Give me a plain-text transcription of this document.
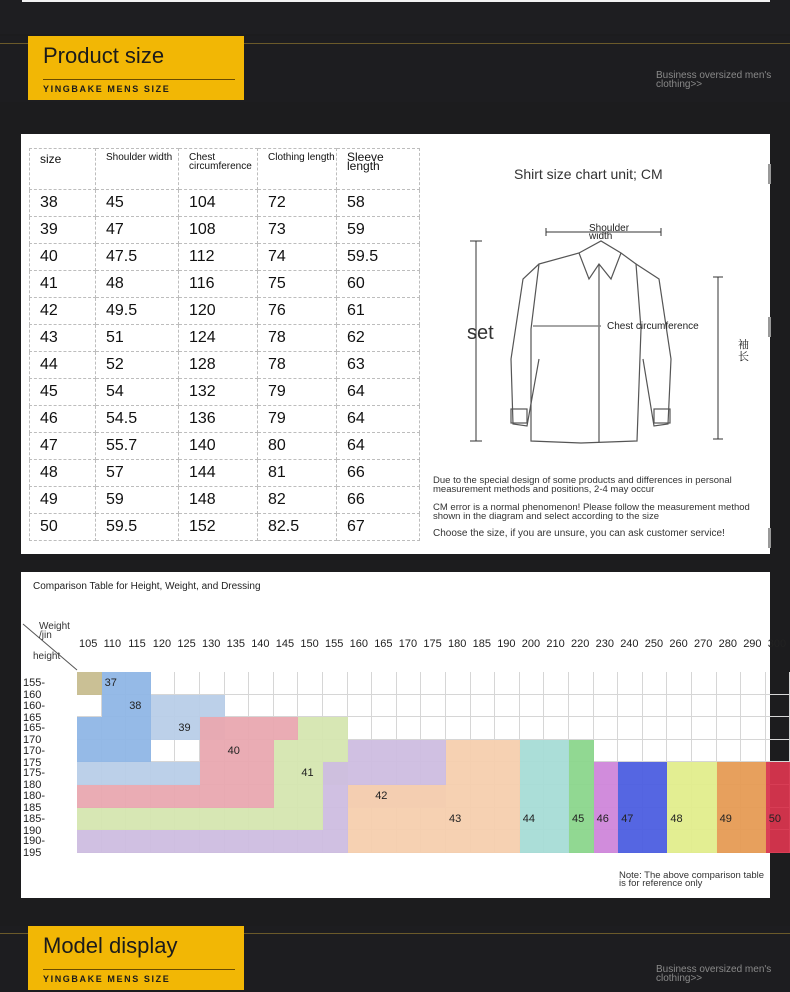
Product size
YINGBAKE MENS SIZE
Business oversized men's clothing>>
size	Shoulder width	Chest circumference	Clothing length	Sleeve length
38	45	104	72	58
39	47	108	73	59
40	47.5	112	74	59.5
41	48	116	75	60
42	49.5	120	76	61
43	51	124	78	62
44	52	128	78	63
45	54	132	79	64
46	54.5	136	79	64
47	55.7	140	80	64
48	57	144	81	66
49	59	148	82	66
50	59.5	152	82.5	67
Shirt size chart unit; CM
Shoulder width
set	Chest circumference
袖长
Due to the special design of some products and differences in personal measurement methods and positions, 2-4 may occur
CM error is a normal phenomenon! Please follow the measurement method shown in the diagram and select according to the size
Choose the size, if you are unsure, you can ask customer service!
Comparison Table for Height, Weight, and Dressing
Weight /jin
height
105 110 115 120 125 130 135 140 145 150 155 160 165 170 175 180 185 190 200 210 220 230 240 250 260 270 280 290 300
155-160
160-165
165-170
170-175
175-180
180-185
185-190
190-195
37
38
39
40
41
42
43	44	45 46 47	48	49	50
Note: The above comparison table is for reference only
Model display
YINGBAKE MENS SIZE
Business oversized men's clothing>>
